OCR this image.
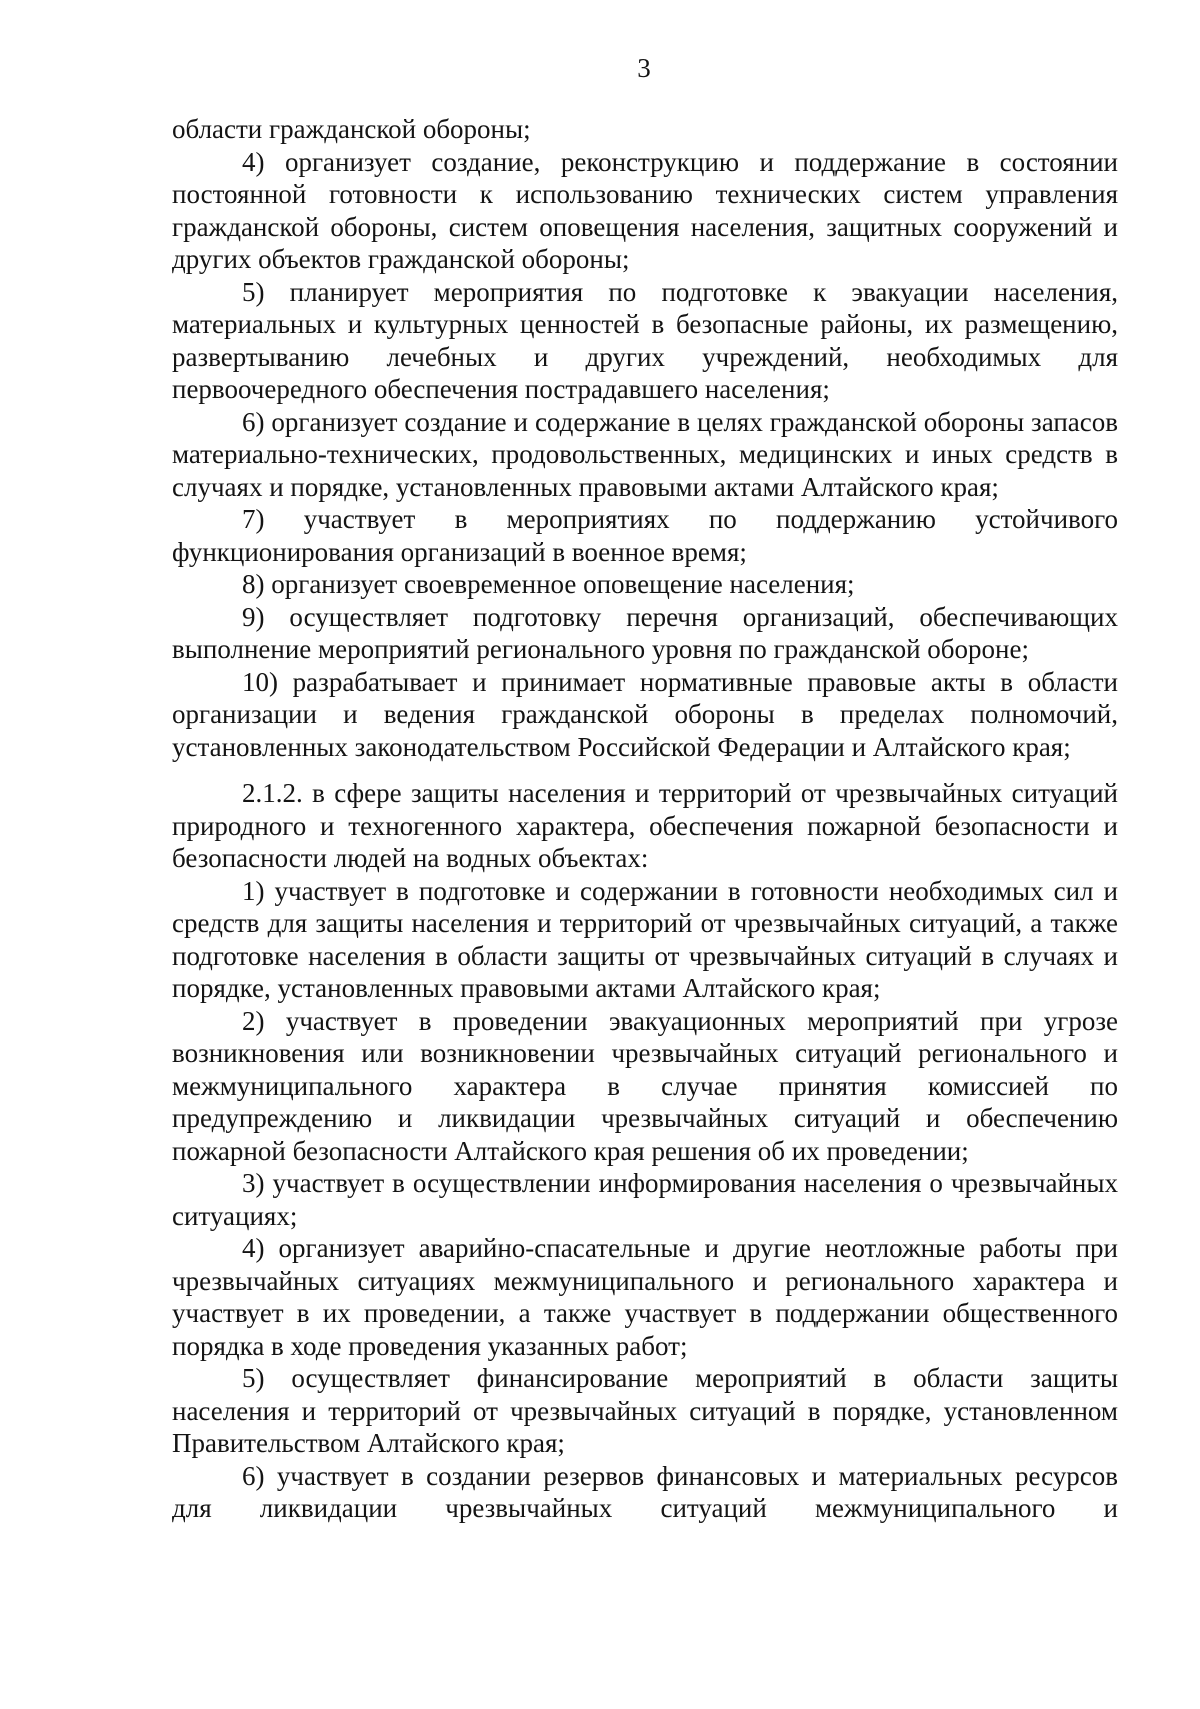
3

области гражданской обороны;

4) организует создание, реконструкцию и поддержание в состоянии постоянной готовности к использованию технических систем управления гражданской обороны, систем оповещения населения, защитных сооружений и других объектов гражданской обороны;

5) планирует мероприятия по подготовке к эвакуации населения, материальных и культурных ценностей в безопасные районы, их размещению, развертыванию лечебных и других учреждений, необходимых для первоочередного обеспечения пострадавшего населения;

6) организует создание и содержание в целях гражданской обороны запасов материально-технических, продовольственных, медицинских и иных средств в случаях и порядке, установленных правовыми актами Алтайского края;

7) участвует в мероприятиях по поддержанию устойчивого функционирования организаций в военное время;

8) организует своевременное оповещение населения;

9) осуществляет подготовку перечня организаций, обеспечивающих выполнение мероприятий регионального уровня по гражданской обороне;

10) разрабатывает и принимает нормативные правовые акты в области организации и ведения гражданской обороны в пределах полномочий, установленных законодательством Российской Федерации и Алтайского края;

2.1.2. в сфере защиты населения и территорий от чрезвычайных ситуаций природного и техногенного характера, обеспечения пожарной безопасности и безопасности людей на водных объектах:

1) участвует в подготовке и содержании в готовности необходимых сил и средств для защиты населения и территорий от чрезвычайных ситуаций, а также подготовке населения в области защиты от чрезвычайных ситуаций в случаях и порядке, установленных правовыми актами Алтайского края;

2) участвует в проведении эвакуационных мероприятий при угрозе возникновения или возникновении чрезвычайных ситуаций регионального и межмуниципального характера в случае принятия комиссией по предупреждению и ликвидации чрезвычайных ситуаций и обеспечению пожарной безопасности Алтайского края решения об их проведении;

3) участвует в осуществлении информирования населения о чрезвычайных ситуациях;

4) организует аварийно-спасательные и другие неотложные работы при чрезвычайных ситуациях межмуниципального и регионального характера и участвует в их проведении, а также участвует в поддержании общественного порядка в ходе проведения указанных работ;

5) осуществляет финансирование мероприятий в области защиты населения и территорий от чрезвычайных ситуаций в порядке, установленном Правительством Алтайского края;

6) участвует в создании резервов финансовых и материальных ресурсов для ликвидации чрезвычайных ситуаций межмуниципального и
